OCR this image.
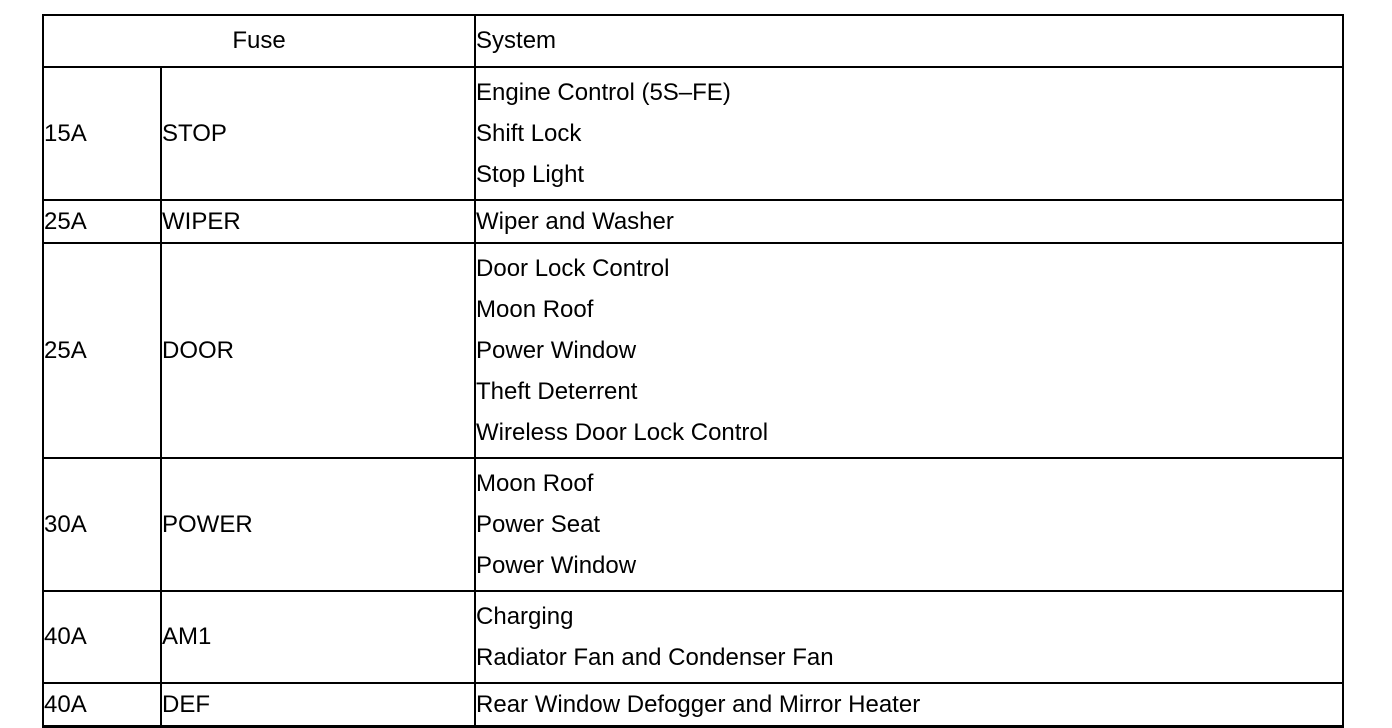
Fuse		System
15A	STOP	Engine Control (5S–FE)
Shift Lock
Stop Light

25A	WIPER	Wiper and Washer

25A	DOOR	Door Lock Control
Moon Roof
Power Window
Theft Deterrent
Wireless Door Lock Control

30A	POWER	Moon Roof
Power Seat
Power Window

40A	AM1	Charging
Radiator Fan and Condenser Fan

40A	DEF	Rear Window Defogger and Mirror Heater
